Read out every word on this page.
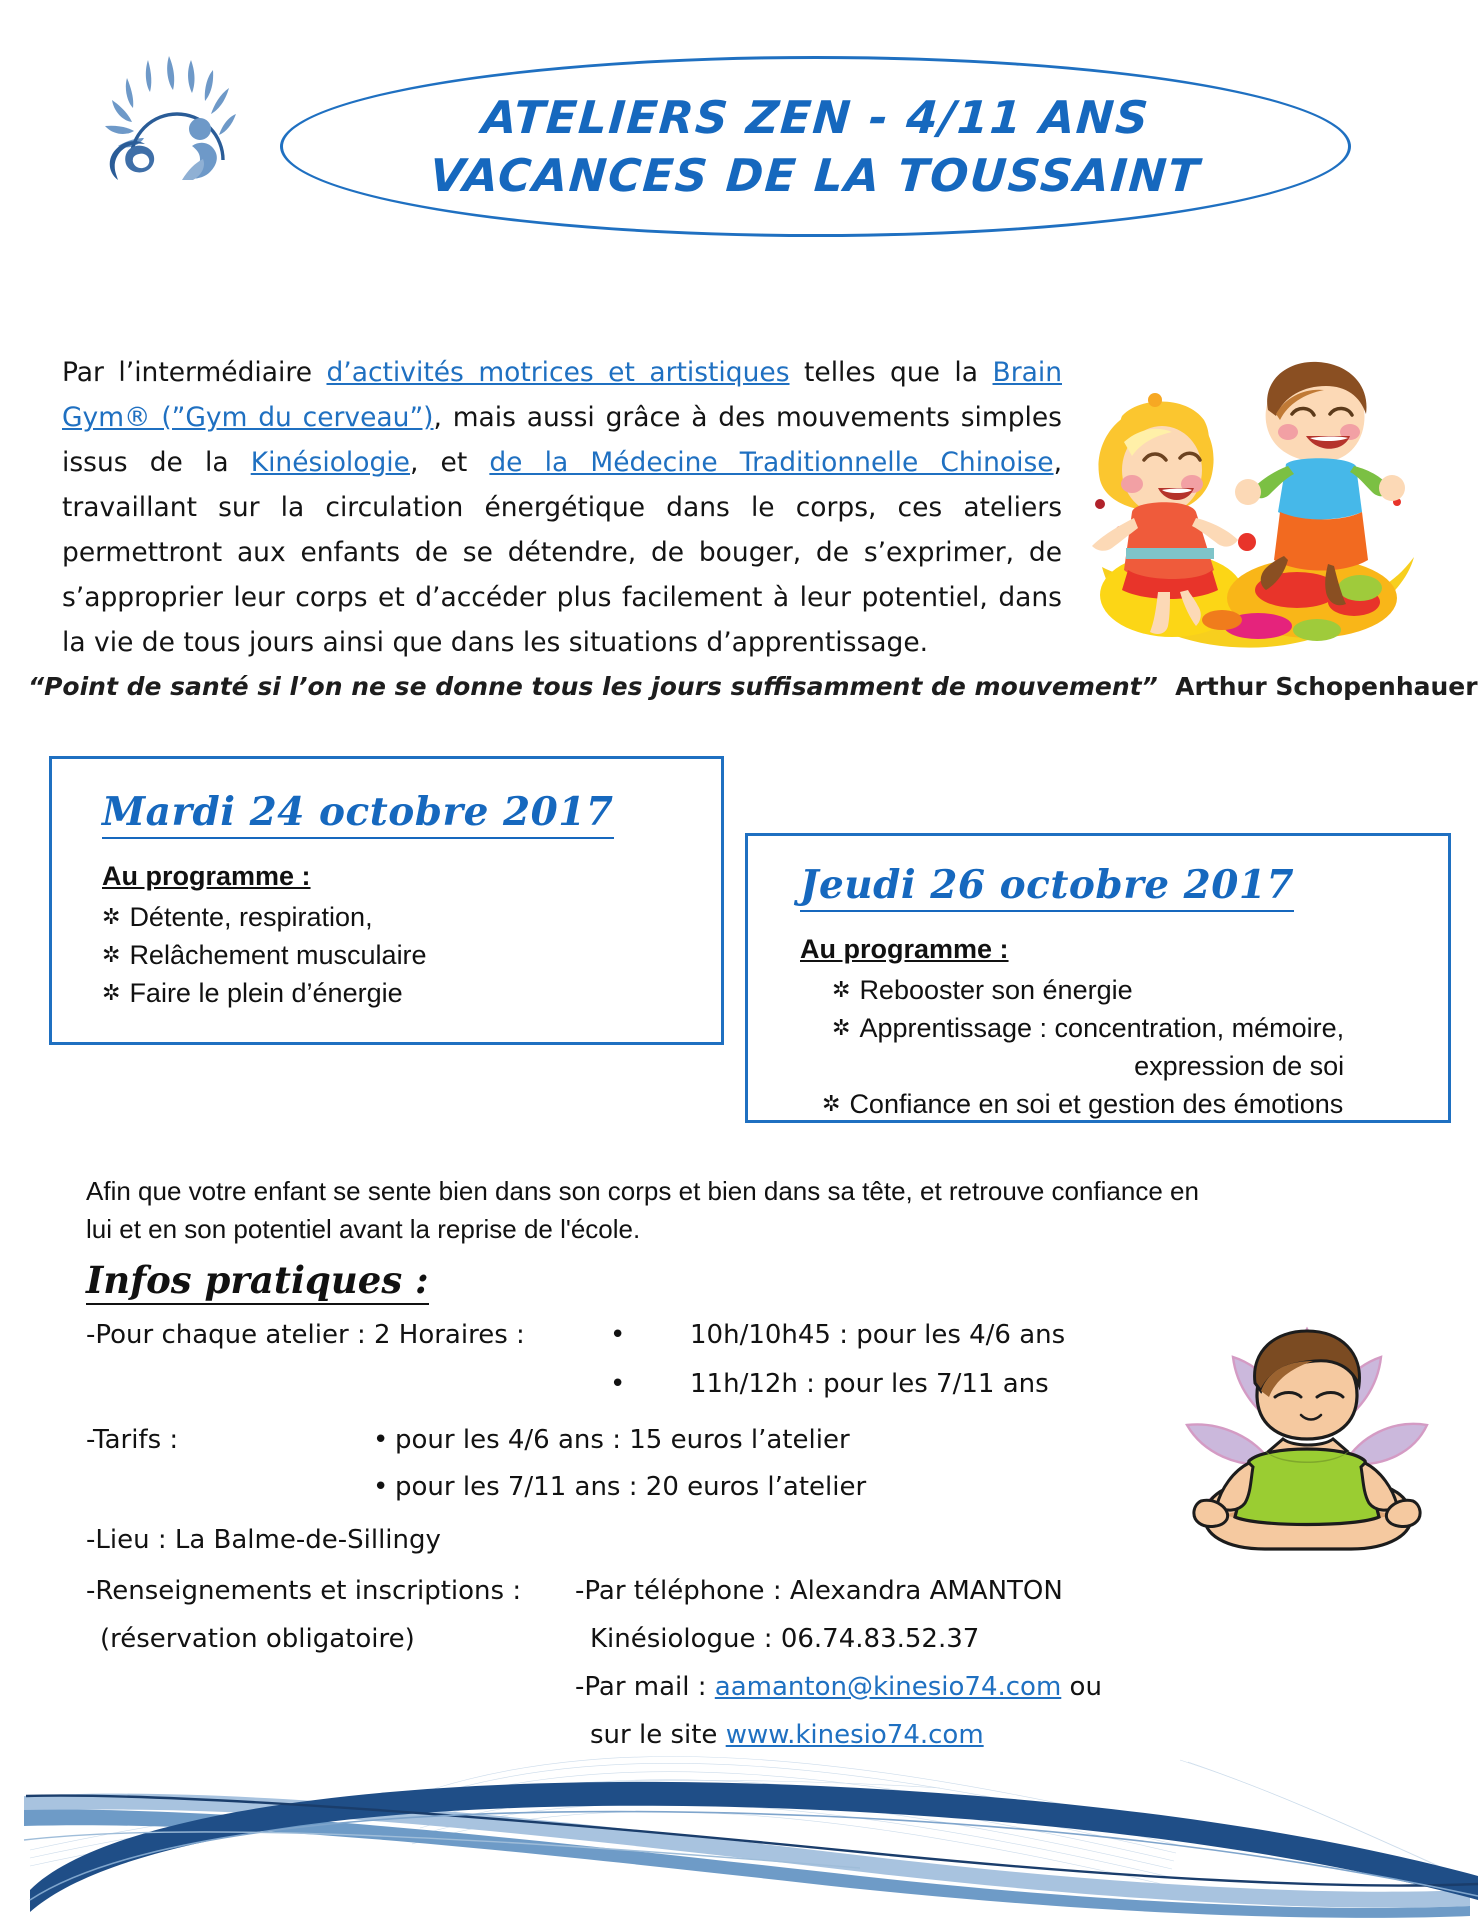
ATELIERS ZEN - 4/11 ANS
VACANCES DE LA TOUSSAINT
Par l’intermédiaire d’activités motrices et artistiques telles que la Brain Gym® (”Gym du cerveau”), mais aussi grâce à des mouvements simples issus de la Kinésiologie, et de la Médecine Traditionnelle Chinoise, travaillant sur la circulation énergétique dans le corps, ces ateliers permettront aux enfants de se détendre, de bouger, de s’exprimer, de s’approprier leur corps et d’accéder plus facilement à leur potentiel, dans la vie de tous jours ainsi que dans les situations d’apprentissage.
“Point de santé si l’on ne se donne tous les jours suffisamment de mouvement” Arthur Schopenhauer
Mardi 24 octobre 2017 Au programme :
✲ Détente, respiration,
✲ Relâchement musculaire
✲ Faire le plein d’énergie
Jeudi 26 octobre 2017 Au programme :
✲ Rebooster son énergie
✲ Apprentissage : concentration, mémoire,
expression de soi
✲ Confiance en soi et gestion des émotions
Afin que votre enfant se sente bien dans son corps et bien dans sa tête, et retrouve confiance en
lui et en son potentiel avant la reprise de l'école.
Infos pratiques :
-Pour chaque atelier : 2 Horaires :	• 10h/10h45 : pour les 4/6 ans
• 11h/12h : pour les 7/11 ans
-Tarifs :	• pour les 4/6 ans : 15 euros l’atelier
• pour les 7/11 ans : 20 euros l’atelier
-Lieu : La Balme-de-Sillingy
-Renseignements et inscriptions :
(réservation obligatoire)
-Par téléphone : Alexandra AMANTON
Kinésiologue : 06.74.83.52.37
-Par mail : aamanton@kinesio74.com ou
sur le site www.kinesio74.com
